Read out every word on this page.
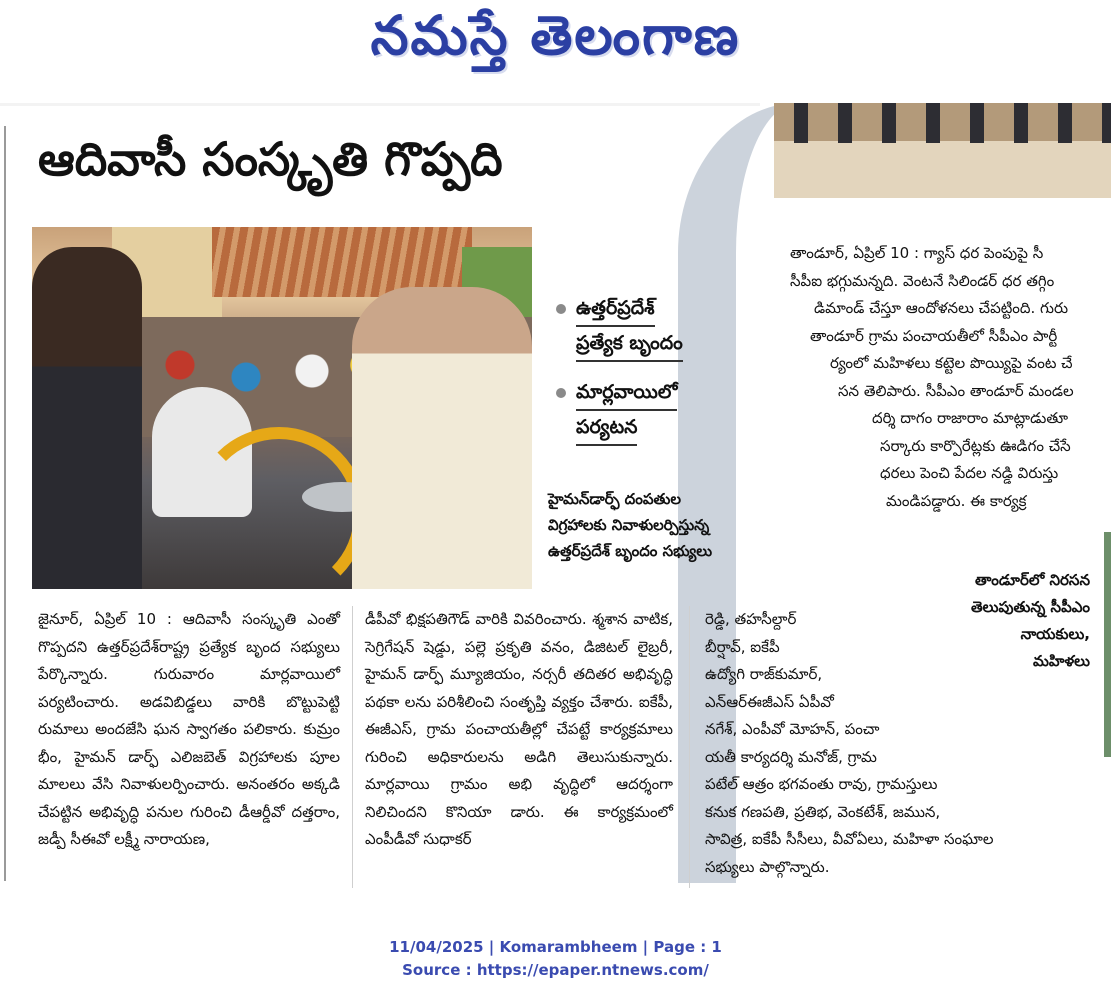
నమస్తే తెలంగాణ
ఆదివాసీ సంస్కృతి గొప్పది
ఉత్తర్‌ప్రదేశ్‌
ప్రత్యేక బృందం
మార్లవాయిలో
పర్యటన
హైమన్‌డార్ఫ్‌ దంపతుల
విగ్రహాలకు నివాళులర్పిస్తున్న
ఉత్తర్‌ప్రదేశ్‌ బృందం సభ్యులు

జైనూర్‌, ఏప్రిల్‌ 10 : ఆదివాసీ సంస్కృతి ఎంతో గొప్పదని ఉత్తర్‌ప్రదేశ్‌రాష్ట్ర ప్రత్యేక బృంద సభ్యులు పేర్కొన్నారు. గురువారం మార్లవాయిలో పర్యటించారు. అడవిబిడ్డలు వారికి బొట్టుపెట్టి రుమాలు అందజేసి ఘన స్వాగతం పలికారు. కుమ్రం భీం, హైమన్‌ డార్ఫ్‌ ఎలిజబెత్‌ విగ్రహాలకు పూల మాలలు వేసి నివాళులర్పించారు. అనంతరం అక్కడి చేపట్టిన అభివృద్ధి పనుల గురించి డీఆర్డీవో దత్తరాం, జడ్పీ సీఈవో లక్ష్మీ నారాయణ,

డీపీవో భిక్షపతిగౌడ్‌ వారికి వివరించారు. శ్మశాన వాటిక, సెగ్రిగేషన్‌ షెడ్డు, పల్లె ప్రకృతి వనం, డిజిటల్‌ లైబ్రరీ, హైమన్‌ డార్ఫ్‌ మ్యూజియం, నర్సరీ తదితర అభివృద్ధి పథకా లను పరిశీలించి సంతృప్తి వ్యక్తం చేశారు. ఐకేపీ, ఈజీఎస్‌, గ్రామ పంచాయతీల్లో చేపట్టే కార్యక్రమాలు గురించి అధికారులను అడిగి తెలుసుకున్నారు. మార్లవాయి గ్రామం అభి వృద్ధిలో ఆదర్శంగా నిలిచిందని కొనియా డారు. ఈ కార్యక్రమంలో ఎంపీడీవో సుధాకర్‌

రెడ్డి, తహసీల్దార్‌

బీర్షావ్‌, ఐకేపీ

ఉద్యోగి రాజ్‌కుమార్‌,

ఎన్‌ఆర్‌ఈజీఎస్‌ ఏపీవో

నగేశ్‌, ఎంపీవో మోహన్‌, పంచా

యతీ కార్యదర్శి మనోజ్‌, గ్రామ

పటేల్‌ ఆత్రం భగవంతు రావు, గ్రామస్తులు

కనుక గణపతి, ప్రతిభ, వెంకటేశ్‌, జమున,

సావిత్ర, ఐకేపీ సీసీలు, వీవోఏలు, మహిళా సంఘాల

సభ్యులు పాల్గొన్నారు.

తాండూర్‌, ఏప్రిల్‌ 10 : గ్యాస్‌ ధర పెంపుపై సీ

సీపీఐ భగ్గుమన్నది. వెంటనే సిలిండర్‌ ధర తగ్గిం

డిమాండ్‌ చేస్తూ ఆందోళనలు చేపట్టింది. గురు

తాండూర్‌ గ్రామ పంచాయతీలో సీపీఎం పార్టీ

ర్యంలో మహిళలు కట్టెల పొయ్యిపై వంట చే

సన తెలిపారు. సీపీఎం తాండూర్‌ మండల

దర్శి దాగం రాజారాం మాట్లాడుతూ

సర్కారు కార్పొరేట్లకు ఊడిగం చేసే

ధరలు పెంచి పేదల నడ్డి విరుస్తు

మండిపడ్డారు. ఈ కార్యక్ర

తాండూర్‌లో నిరసన
తెలుపుతున్న సీపీఎం
నాయకులు,
మహిళలు
11/04/2025 | Komarambheem | Page : 1
Source : https://epaper.ntnews.com/
